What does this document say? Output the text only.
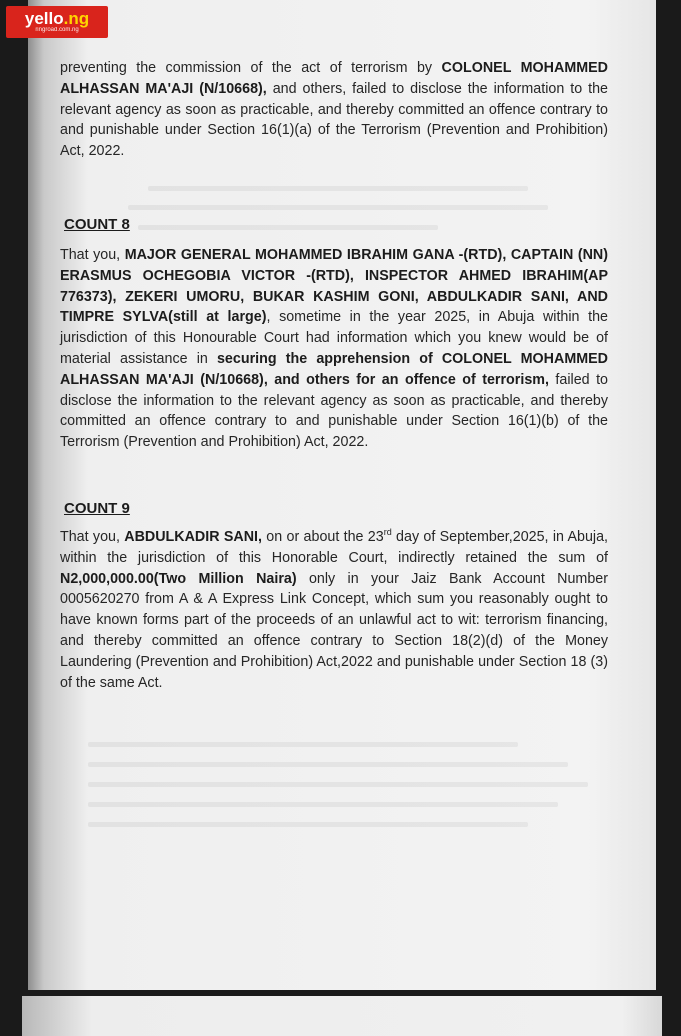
preventing the commission of the act of terrorism by COLONEL MOHAMMED ALHASSAN MA'AJI (N/10668), and others, failed to disclose the information to the relevant agency as soon as practicable, and thereby committed an offence contrary to and punishable under Section 16(1)(a) of the Terrorism (Prevention and Prohibition) Act, 2022.

COUNT 8

That you, MAJOR GENERAL MOHAMMED IBRAHIM GANA -(RTD), CAPTAIN (NN) ERASMUS OCHEGOBIA VICTOR -(RTD), INSPECTOR AHMED IBRAHIM(AP 776373), ZEKERI UMORU, BUKAR KASHIM GONI, ABDULKADIR SANI, AND TIMPRE SYLVA(still at large), sometime in the year 2025, in Abuja within the jurisdiction of this Honourable Court had information which you knew would be of material assistance in securing the apprehension of COLONEL MOHAMMED ALHASSAN MA'AJI (N/10668), and others for an offence of terrorism, failed to disclose the information to the relevant agency as soon as practicable, and thereby committed an offence contrary to and punishable under Section 16(1)(b) of the Terrorism (Prevention and Prohibition) Act, 2022.

COUNT 9

That you, ABDULKADIR SANI, on or about the 23rd day of September,2025, in Abuja, within the jurisdiction of this Honorable Court, indirectly retained the sum of N2,000,000.00(Two Million Naira) only in your Jaiz Bank Account Number 0005620270 from A & A Express Link Concept, which sum you reasonably ought to have known forms part of the proceeds of an unlawful act to wit: terrorism financing, and thereby committed an offence contrary to Section 18(2)(d) of the Money Laundering (Prevention and Prohibition) Act,2022 and punishable under Section 18 (3) of the same Act.

yello.ng
ringroad.com.ng
